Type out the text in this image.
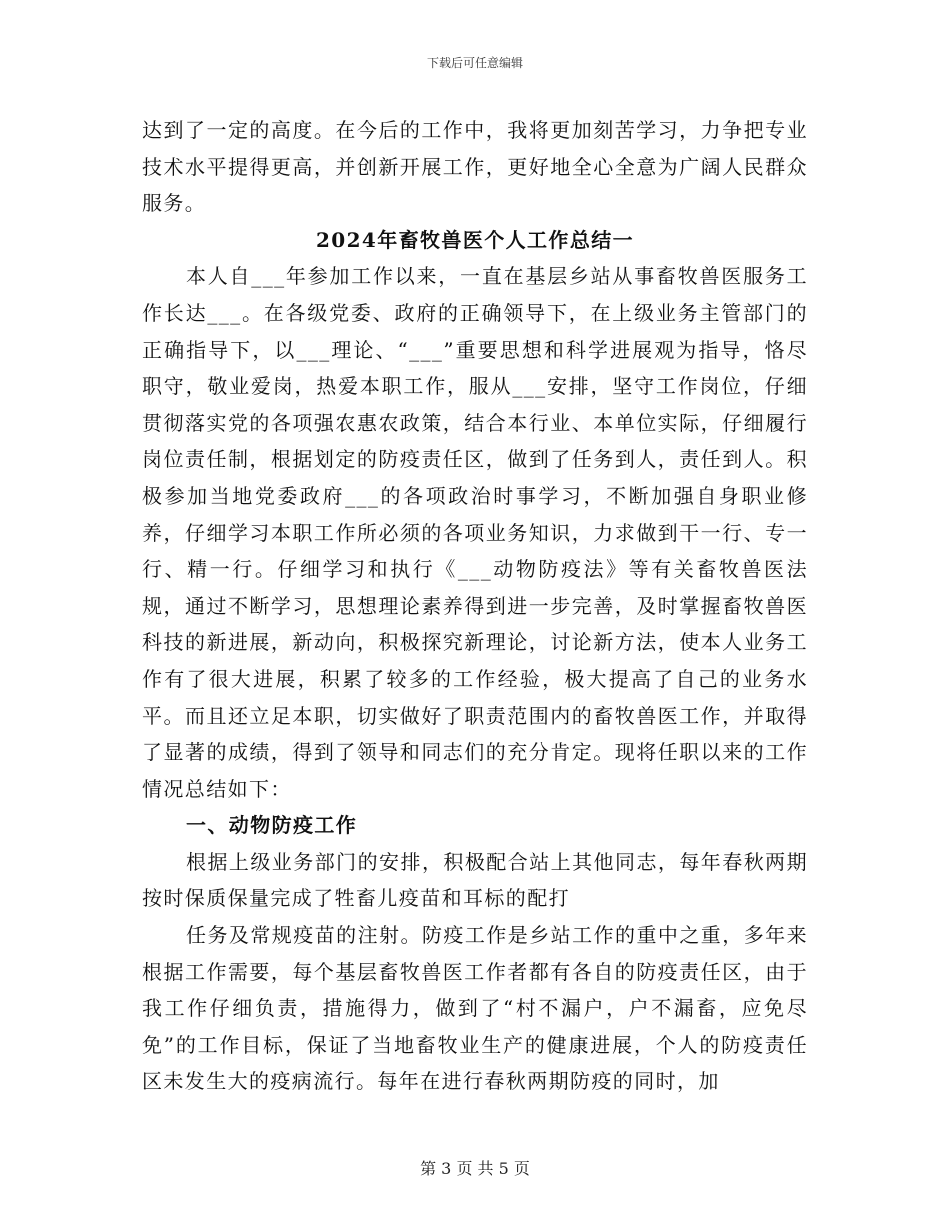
下载后可任意编辑

达到了一定的高度。在今后的工作中，我将更加刻苦学习，力争把专业技术水平提得更高，并创新开展工作，更好地全心全意为广阔人民群众服务。

2024年畜牧兽医个人工作总结一

本人自___年参加工作以来，一直在基层乡站从事畜牧兽医服务工作长达___。在各级党委、政府的正确领导下，在上级业务主管部门的正确指导下，以___理论、“___”重要思想和科学进展观为指导，恪尽职守，敬业爱岗，热爱本职工作，服从___安排，坚守工作岗位，仔细贯彻落实党的各项强农惠农政策，结合本行业、本单位实际，仔细履行岗位责任制，根据划定的防疫责任区，做到了任务到人，责任到人。积极参加当地党委政府___的各项政治时事学习，不断加强自身职业修养，仔细学习本职工作所必须的各项业务知识，力求做到干一行、专一行、精一行。仔细学习和执行《___动物防疫法》等有关畜牧兽医法规，通过不断学习，思想理论素养得到进一步完善，及时掌握畜牧兽医科技的新进展，新动向，积极探究新理论，讨论新方法，使本人业务工作有了很大进展，积累了较多的工作经验，极大提高了自己的业务水平。而且还立足本职，切实做好了职责范围内的畜牧兽医工作，并取得了显著的成绩，得到了领导和同志们的充分肯定。现将任职以来的工作情况总结如下：

一、动物防疫工作

根据上级业务部门的安排，积极配合站上其他同志，每年春秋两期按时保质保量完成了牲畜儿疫苗和耳标的配打

任务及常规疫苗的注射。防疫工作是乡站工作的重中之重，多年来根据工作需要，每个基层畜牧兽医工作者都有各自的防疫责任区，由于我工作仔细负责，措施得力，做到了“村不漏户，户不漏畜，应免尽免”的工作目标，保证了当地畜牧业生产的健康进展，个人的防疫责任区未发生大的疫病流行。每年在进行春秋两期防疫的同时，加

第 3 页 共 5 页
